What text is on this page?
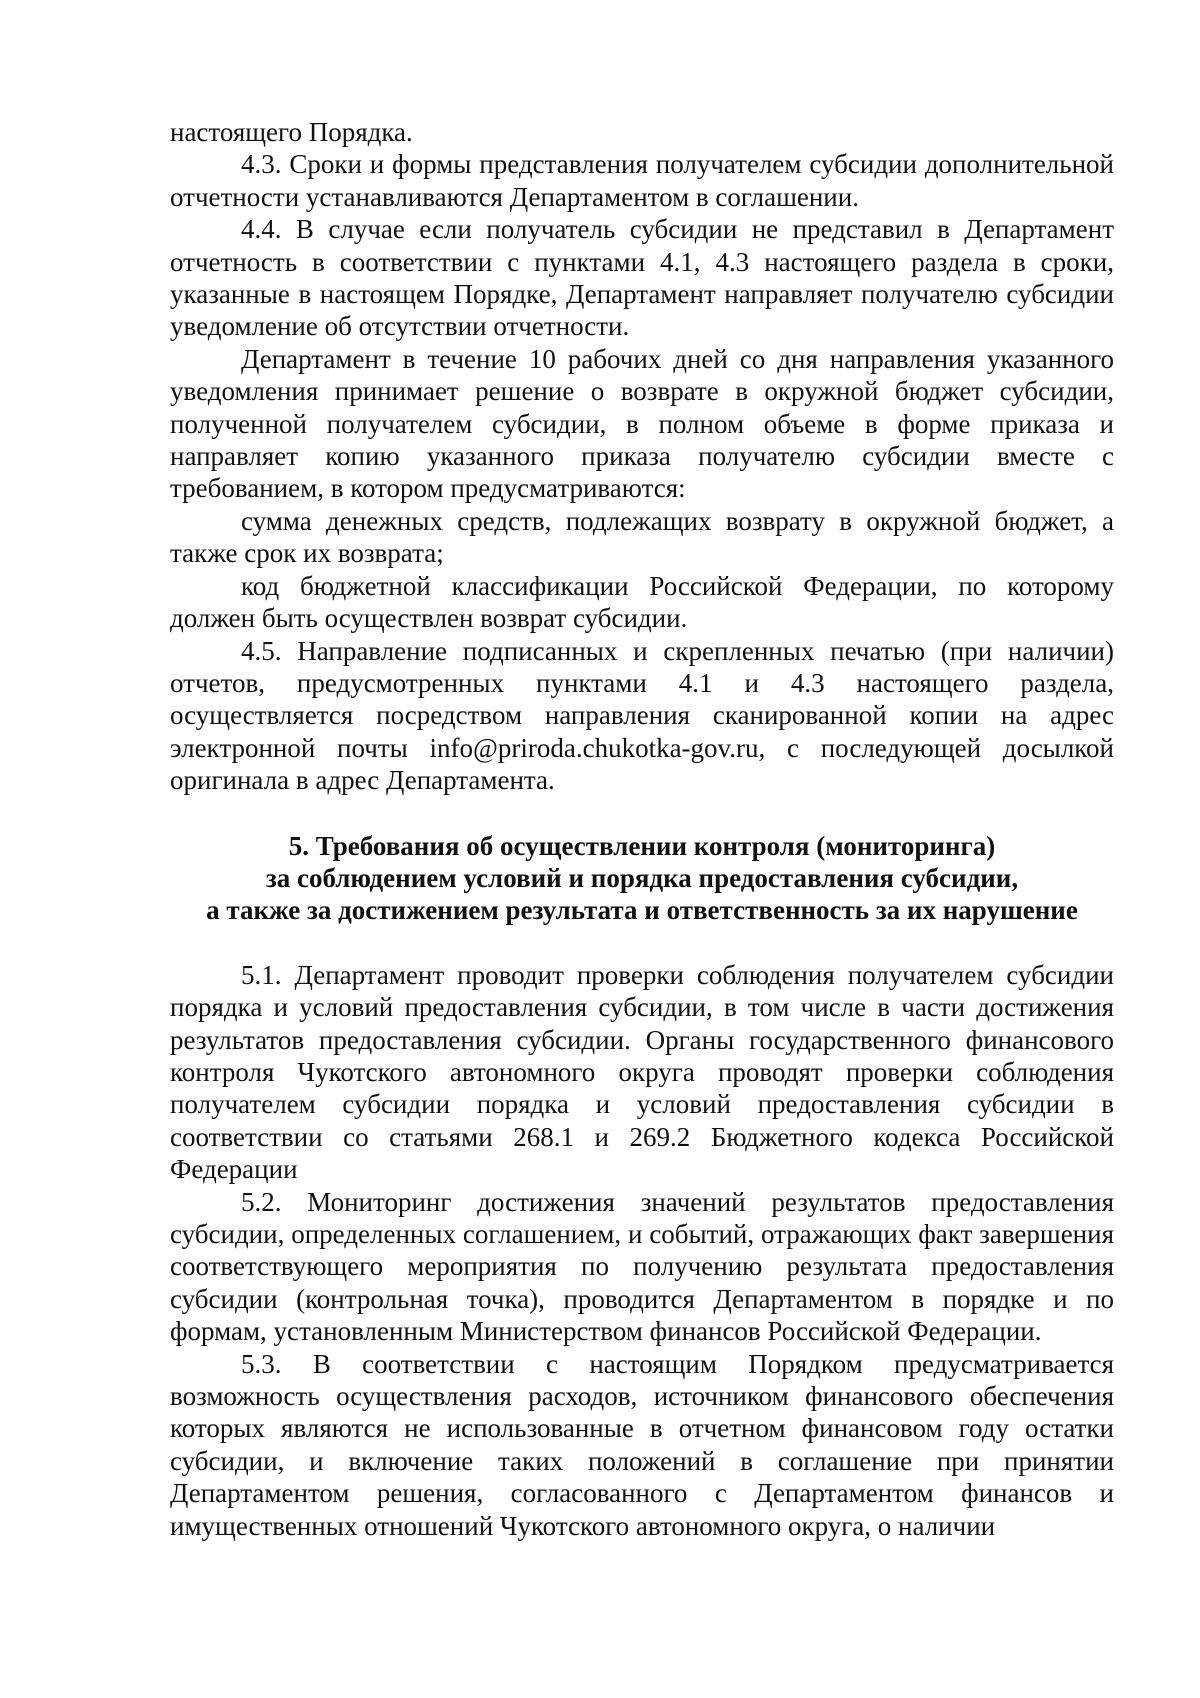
настоящего Порядка.

4.3. Сроки и формы представления получателем субсидии дополнительной отчетности устанавливаются Департаментом в соглашении.

4.4. В случае если получатель субсидии не представил в Департамент отчетность в соответствии с пунктами 4.1, 4.3 настоящего раздела в сроки, указанные в настоящем Порядке, Департамент направляет получателю субсидии уведомление об отсутствии отчетности.

Департамент в течение 10 рабочих дней со дня направления указанного уведомления принимает решение о возврате в окружной бюджет субсидии, полученной получателем субсидии, в полном объеме в форме приказа и направляет копию указанного приказа получателю субсидии вместе с требованием, в котором предусматриваются:

сумма денежных средств, подлежащих возврату в окружной бюджет, а также срок их возврата;

код бюджетной классификации Российской Федерации, по которому должен быть осуществлен возврат субсидии.

4.5. Направление подписанных и скрепленных печатью (при наличии) отчетов, предусмотренных пунктами 4.1 и 4.3 настоящего раздела, осуществляется посредством направления сканированной копии на адрес электронной почты info@priroda.chukotka-gov.ru, с последующей досылкой оригинала в адрес Департамента.

5. Требования об осуществлении контроля (мониторинга)
за соблюдением условий и порядка предоставления субсидии,
а также за достижением результата и ответственность за их нарушение

5.1. Департамент проводит проверки соблюдения получателем субсидии порядка и условий предоставления субсидии, в том числе в части достижения результатов предоставления субсидии. Органы государственного финансового контроля Чукотского автономного округа проводят проверки соблюдения получателем субсидии порядка и условий предоставления субсидии в соответствии со статьями 268.1 и 269.2 Бюджетного кодекса Российской Федерации

5.2. Мониторинг достижения значений результатов предоставления субсидии, определенных соглашением, и событий, отражающих факт завершения соответствующего мероприятия по получению результата предоставления субсидии (контрольная точка), проводится Департаментом в порядке и по формам, установленным Министерством финансов Российской Федерации.

5.3. В соответствии с настоящим Порядком предусматривается возможность осуществления расходов, источником финансового обеспечения которых являются не использованные в отчетном финансовом году остатки субсидии, и включение таких положений в соглашение при принятии Департаментом решения, согласованного с Департаментом финансов и имущественных отношений Чукотского автономного округа, о наличии
